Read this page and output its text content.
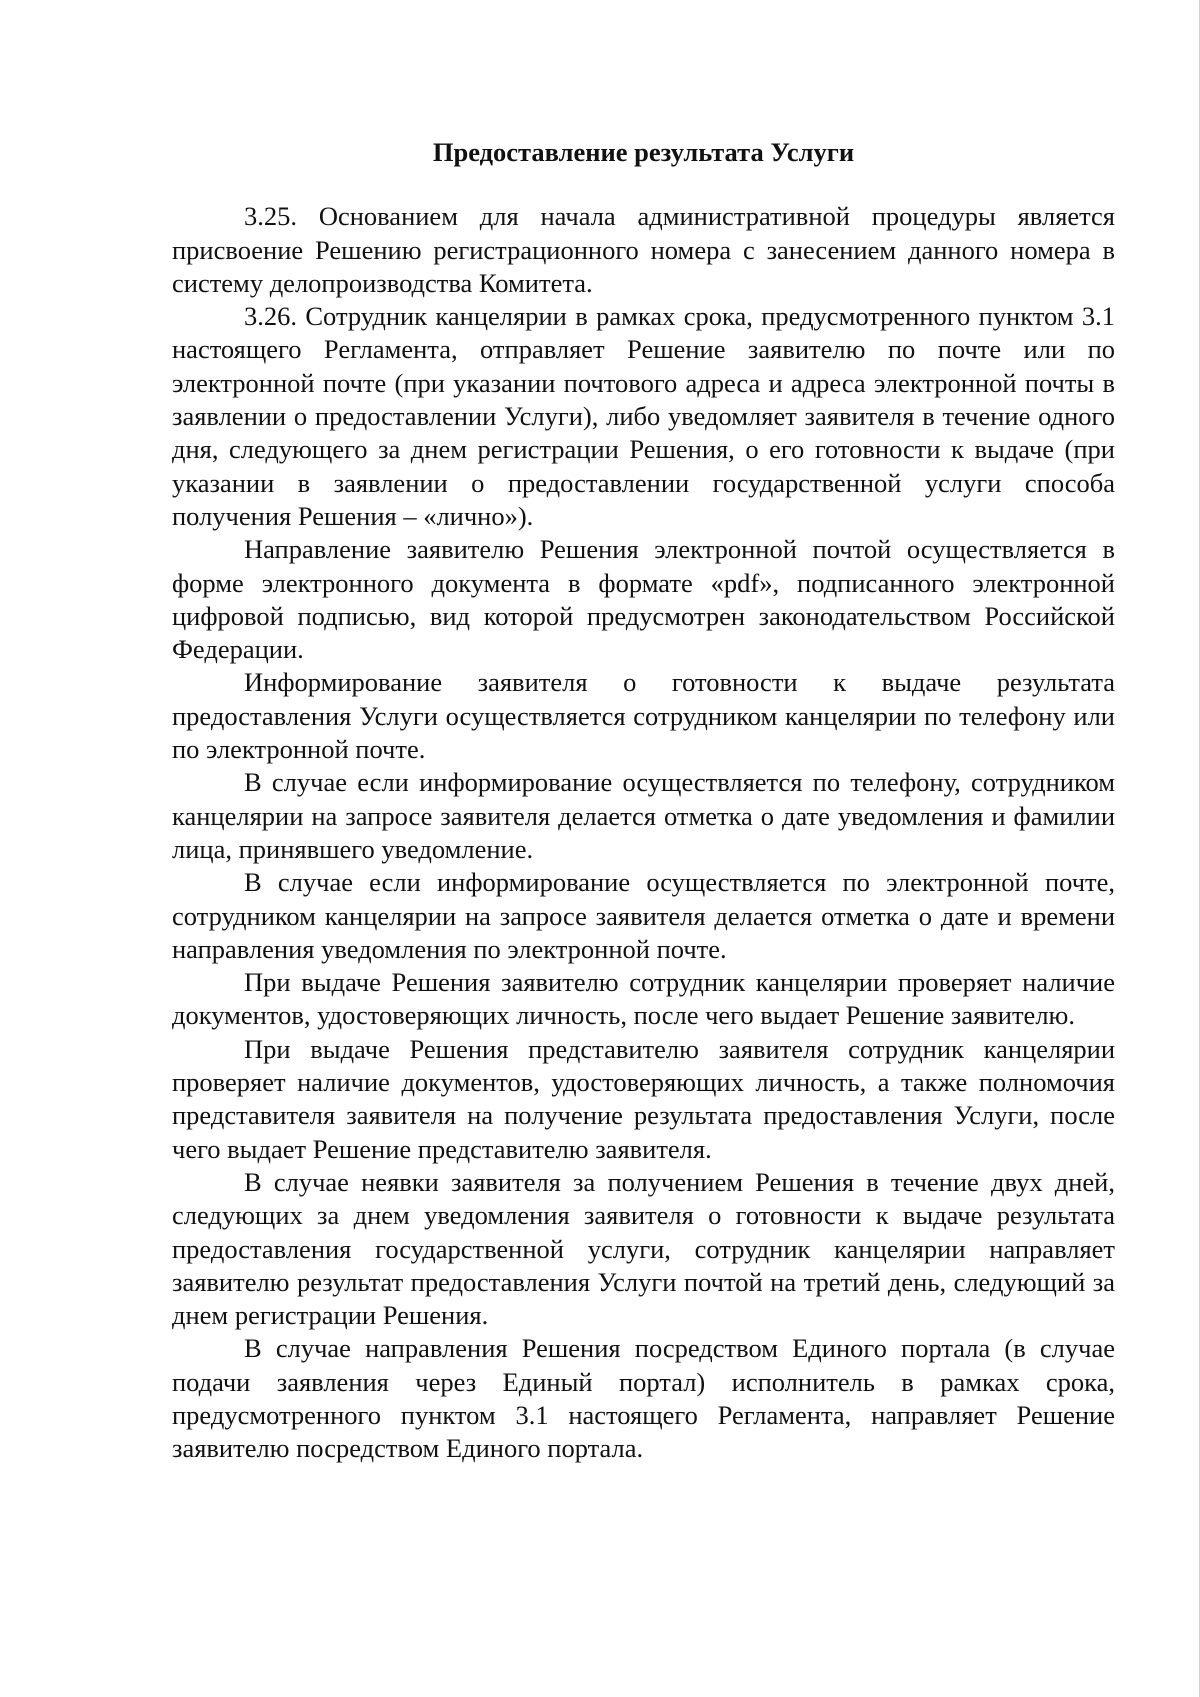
Предоставление результата Услуги

3.25. Основанием для начала административной процедуры является присвоение Решению регистрационного номера с занесением данного номера в систему делопроизводства Комитета.

3.26. Сотрудник канцелярии в рамках срока, предусмотренного пунктом 3.1 настоящего Регламента, отправляет Решение заявителю по почте или по электронной почте (при указании почтового адреса и адреса электронной почты в заявлении о предоставлении Услуги), либо уведомляет заявителя в течение одного дня, следующего за днем регистрации Решения, о его готовности к выдаче (при указании в заявлении о предоставлении государственной услуги способа получения Решения – «лично»).

Направление заявителю Решения электронной почтой осуществляется в форме электронного документа в формате «pdf», подписанного электронной цифровой подписью, вид которой предусмотрен законодательством Российской Федерации.

Информирование заявителя о готовности к выдаче результата предоставления Услуги осуществляется сотрудником канцелярии по телефону или по электронной почте.

В случае если информирование осуществляется по телефону, сотрудником канцелярии на запросе заявителя делается отметка о дате уведомления и фамилии лица, принявшего уведомление.

В случае если информирование осуществляется по электронной почте, сотрудником канцелярии на запросе заявителя делается отметка о дате и времени направления уведомления по электронной почте.

При выдаче Решения заявителю сотрудник канцелярии проверяет наличие документов, удостоверяющих личность, после чего выдает Решение заявителю.

При выдаче Решения представителю заявителя сотрудник канцелярии проверяет наличие документов, удостоверяющих личность, а также полномочия представителя заявителя на получение результата предоставления Услуги, после чего выдает Решение представителю заявителя.

В случае неявки заявителя за получением Решения в течение двух дней, следующих за днем уведомления заявителя о готовности к выдаче результата предоставления государственной услуги, сотрудник канцелярии направляет заявителю результат предоставления Услуги почтой на третий день, следующий за днем регистрации Решения.

В случае направления Решения посредством Единого портала (в случае подачи заявления через Единый портал) исполнитель в рамках срока, предусмотренного пунктом 3.1 настоящего Регламента, направляет Решение заявителю посредством Единого портала.
